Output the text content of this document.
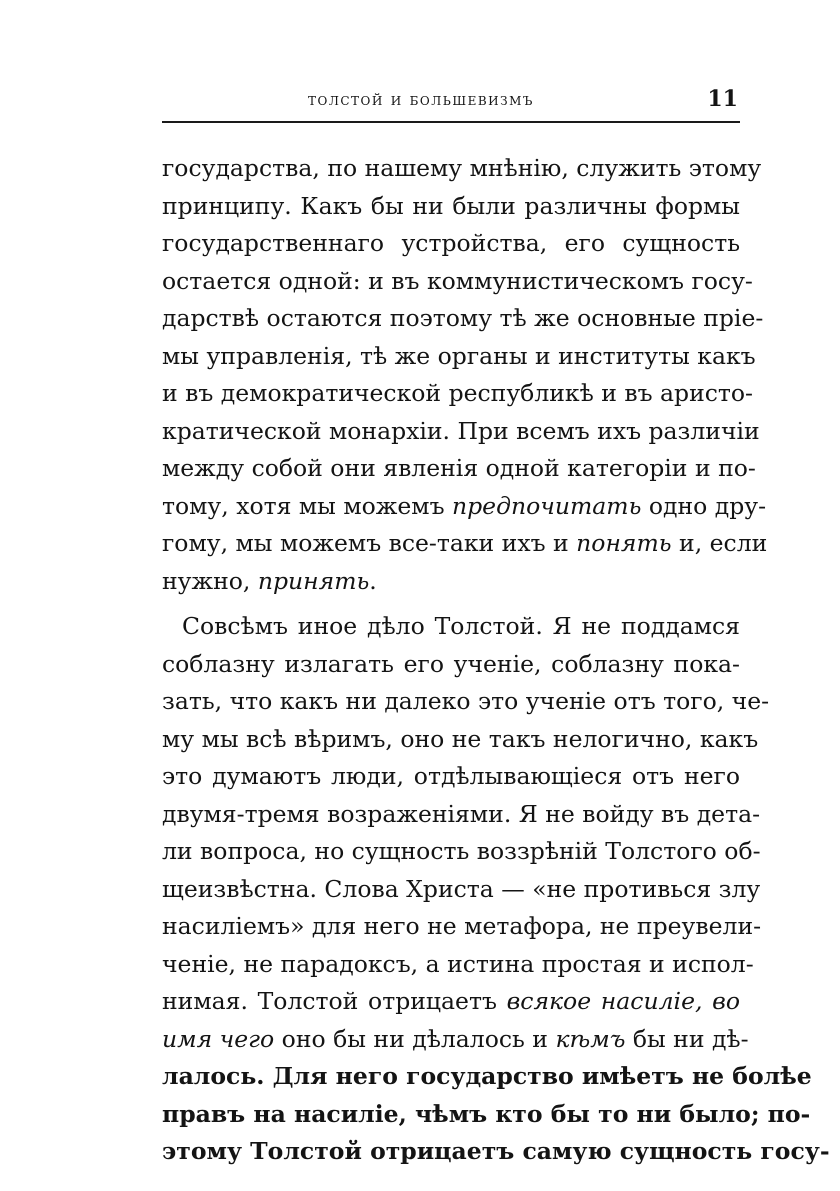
толстой и большевизмъ	11
государства, по нашему мнѣнію, служить этому
принципу. Какъ бы ни были различны формы
государственнаго устройства, его сущность
остается одной: и въ коммунистическомъ госу-
дарствѣ остаются поэтому тѣ же основные пріе-
мы управленія, тѣ же органы и институты какъ
и въ демократической республикѣ и въ аристо-
кратической монархіи. При всемъ ихъ различіи
между собой они явленія одной категоріи и по-
тому, хотя мы можемъ предпочитать одно дру-
гому, мы можемъ все-таки ихъ и понять и, если
нужно, принять.
Совсѣмъ иное дѣло Толстой. Я не поддамся
соблазну излагать его ученіе, соблазну пока-
зать, что какъ ни далеко это ученіе отъ того, че-
му мы всѣ вѣримъ, оно не такъ нелогично, какъ
это думаютъ люди, отдѣлывающіеся отъ него
двумя-тремя возраженіями. Я не войду въ дета-
ли вопроса, но сущность воззрѣній Толстого об-
щеизвѣстна. Слова Христа — «не противься злу
насиліемъ» для него не метафора, не преувели-
ченіе, не парадоксъ, а истина простая и испол-
нимая. Толстой отрицаетъ всякое насиліе, во
имя чего оно бы ни дѣлалось и кѣмъ бы ни дѣ-
лалось. Для него государство имѣетъ не болѣе
правъ на насиліе, чѣмъ кто бы то ни было; по-
этому Толстой отрицаетъ самую сущность госу-
